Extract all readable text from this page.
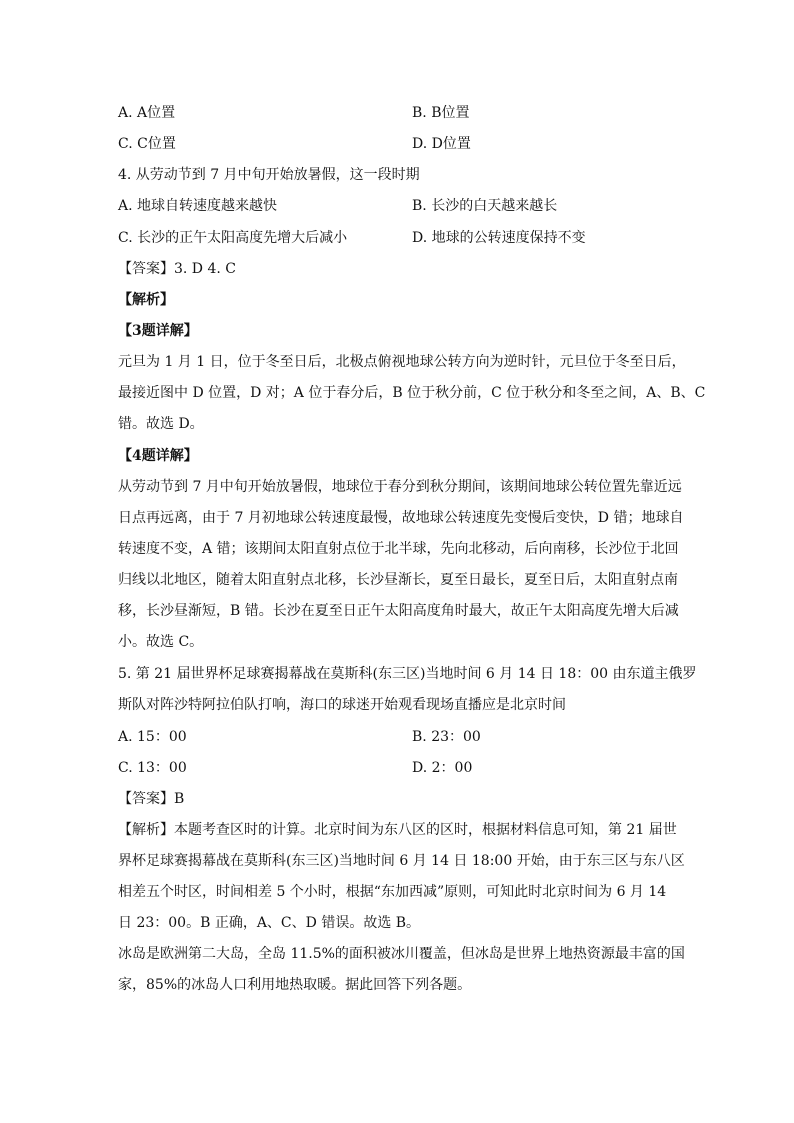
A. A位置	B. B位置
C. C位置	D. D位置
4. 从劳动节到 7 月中旬开始放暑假，这一段时期
A. 地球自转速度越来越快	B. 长沙的白天越来越长
C. 长沙的正午太阳高度先增大后减小	D. 地球的公转速度保持不变
【答案】3. D 4. C
【解析】
【3题详解】
元旦为 1 月 1 日，位于冬至日后，北极点俯视地球公转方向为逆时针，元旦位于冬至日后，
最接近图中 D 位置，D 对；A 位于春分后，B 位于秋分前，C 位于秋分和冬至之间，A、B、C
错。故选 D。
【4题详解】
从劳动节到 7 月中旬开始放暑假，地球位于春分到秋分期间，该期间地球公转位置先靠近远
日点再远离，由于 7 月初地球公转速度最慢，故地球公转速度先变慢后变快，D 错；地球自
转速度不变，A 错；该期间太阳直射点位于北半球，先向北移动，后向南移，长沙位于北回
归线以北地区，随着太阳直射点北移，长沙昼渐长，夏至日最长，夏至日后，太阳直射点南
移，长沙昼渐短，B 错。长沙在夏至日正午太阳高度角时最大，故正午太阳高度先增大后减
小。故选 C。
5. 第 21 届世界杯足球赛揭幕战在莫斯科(东三区)当地时间 6 月 14 日 18：00 由东道主俄罗
斯队对阵沙特阿拉伯队打响，海口的球迷开始观看现场直播应是北京时间
A. 15：00	B. 23：00
C. 13：00	D. 2：00
【答案】B
【解析】本题考查区时的计算。北京时间为东八区的区时，根据材料信息可知，第 21 届世
界杯足球赛揭幕战在莫斯科(东三区)当地时间 6 月 14 日 18:00 开始，由于东三区与东八区
相差五个时区，时间相差 5 个小时，根据“东加西减”原则，可知此时北京时间为 6 月 14
日 23：00。B 正确，A、C、D 错误。故选 B。
冰岛是欧洲第二大岛，全岛 11.5%的面积被冰川覆盖，但冰岛是世界上地热资源最丰富的国
家，85%的冰岛人口利用地热取暖。据此回答下列各题。
